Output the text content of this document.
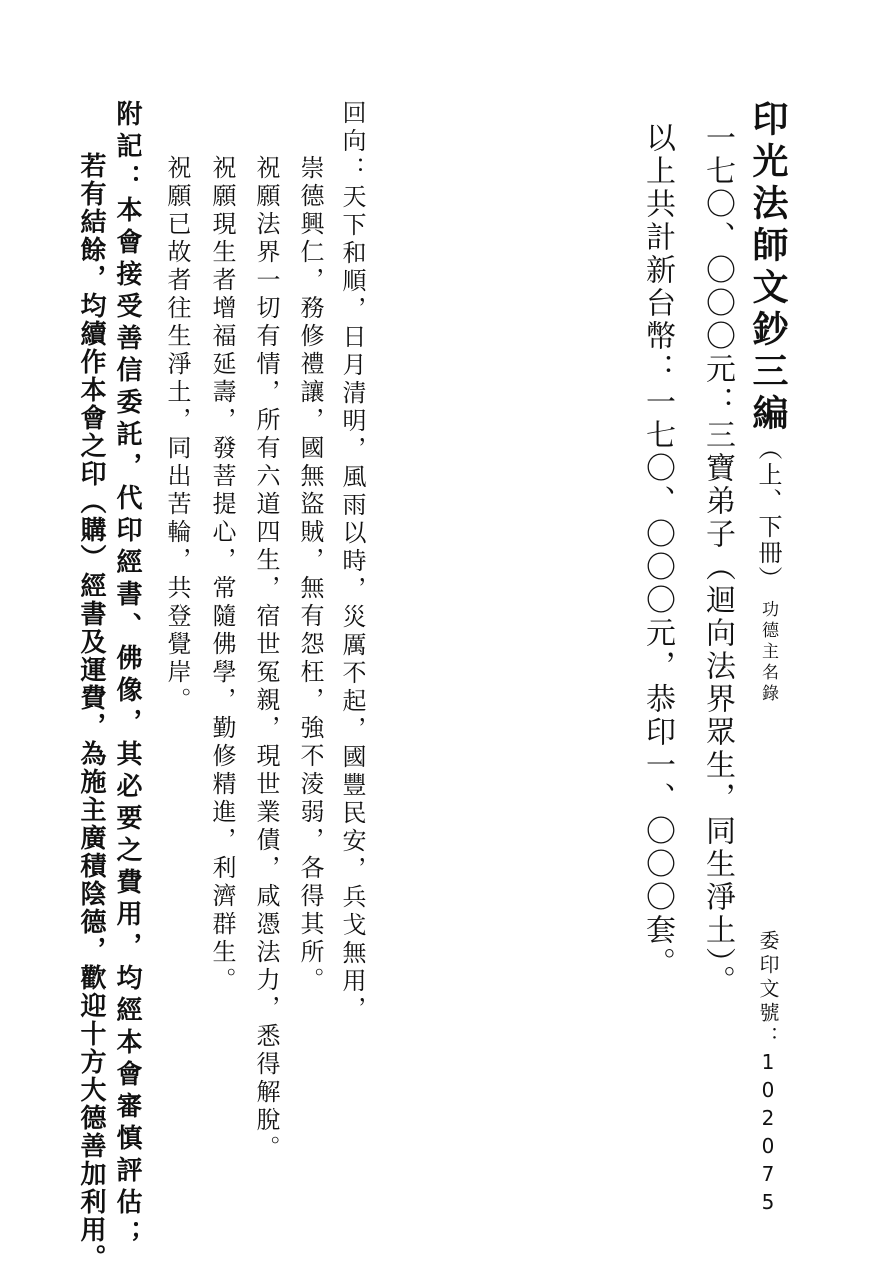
印光法師文鈔三編（上、下冊）功德主名錄
一七〇、〇〇〇元：三寶弟子（迴向法界眾生，同生淨土）。
以上共計新台幣：一七〇、〇〇〇元，恭印一、〇〇〇套。
委印文號：102075
回向：天下和順，日月清明，風雨以時，災厲不起，國豐民安，兵戈無用，
崇德興仁，務修禮讓，國無盜賊，無有怨枉，強不淩弱，各得其所。
祝願法界一切有情，所有六道四生，宿世冤親，現世業債，咸憑法力，悉得解脫。
祝願現生者增福延壽，發菩提心，常隨佛學，勤修精進，利濟群生。
祝願已故者往生淨土，同出苦輪，共登覺岸。
附記：本會接受善信委託，代印經書、佛像，其必要之費用，均經本會審慎評估；
若有結餘，均續作本會之印（購）經書及運費，為施主廣積陰德，歡迎十方大德善加利用。
